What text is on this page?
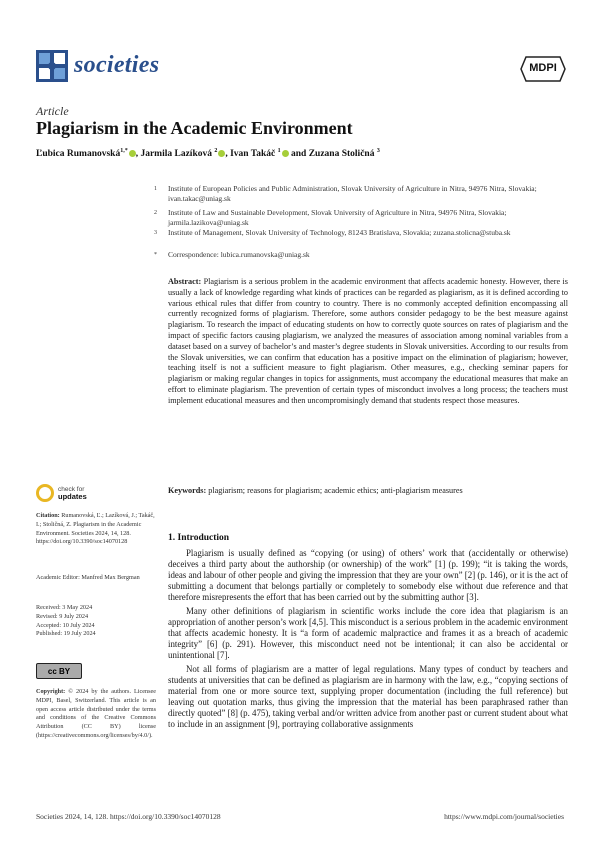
societies	MDPI
Article
Plagiarism in the Academic Environment
Ľubica Rumanovská$^{1,*}$ , Jarmila Lazíková $^2$ , Ivan Takáč $^1$ and Zuzana Stoličná $^3$
1 Institute of European Policies and Public Administration, Slovak University of Agriculture in Nitra, 94976 Nitra, Slovakia; ivan.takac@uniag.sk
2 Institute of Law and Sustainable Development, Slovak University of Agriculture in Nitra, 94976 Nitra, Slovakia; jarmila.lazikova@uniag.sk
3 Institute of Management, Slovak University of Technology, 81243 Bratislava, Slovakia; zuzana.stolicna@stuba.sk
* Correspondence: lubica.rumanovska@uniag.sk
Abstract: Plagiarism is a serious problem in the academic environment that affects academic honesty. However, there is usually a lack of knowledge regarding what kinds of practices can be regarded as plagiarism, as it is defined according to various ethical rules that differ from country to country. There is no commonly accepted definition encompassing all currently recognized forms of plagiarism. Therefore, some authors consider pedagogy to be the best measure against plagiarism. To research the impact of educating students on how to correctly quote sources on rates of plagiarism and the impact of specific factors causing plagiarism, we analyzed the measures of association among nominal variables from a dataset based on a survey of bachelor’s and master’s degree students in Slovak universities. According to our results from the Slovak universities, we can confirm that education has a positive impact on the elimination of plagiarism; however, teaching itself is not a sufficient measure to fight plagiarism. Other measures, e.g., checking seminar papers for plagiarism or making regular changes in topics for assignments, must accompany the educational measures that make an effort to eliminate plagiarism. The prevention of certain types of misconduct involves a long process; the teachers must implement educational measures and then uncompromisingly demand that students respect those measures.
Keywords: plagiarism; reasons for plagiarism; academic ethics; anti-plagiarism measures
check for
updates
Citation: Rumanovská, Ľ.; Lazíková, J.; Takáč, I.; Stoličná, Z. Plagiarism in the Academic Environment. Societies 2024, 14, 128. https://doi.org/10.3390/soc14070128
Academic Editor: Manfred Max Bergman
Received: 3 May 2024
Revised: 9 July 2024
Accepted: 10 July 2024
Published: 19 July 2024
cc BY
Copyright: © 2024 by the authors. Licensee MDPI, Basel, Switzerland. This article is an open access article distributed under the terms and conditions of the Creative Commons Attribution (CC BY) license (https://creativecommons.org/licenses/by/4.0/).
1. Introduction

Plagiarism is usually defined as “copying (or using) of others’ work that (accidentally or otherwise) deceives a third party about the authorship (or ownership) of the work” [1] (p. 199); “it is taking the words, ideas and labour of other people and giving the impression that they are your own” [2] (p. 146), or it is the act of submitting a document that belongs partially or completely to somebody else without due reference and that therefore misrepresents the effort that has been carried out by the submitting author [3].

Many other definitions of plagiarism in scientific works include the core idea that plagiarism is an appropriation of another person’s work [4,5]. This misconduct is a serious problem in the academic environment that affects academic honesty. It is “a form of academic malpractice and frames it as a breach of academic integrity” [6] (p. 291). However, this misconduct need not be intentional; it can also be accidental or unintentional [7].

Not all forms of plagiarism are a matter of legal regulations. Many types of conduct by teachers and students at universities that can be defined as plagiarism are in harmony with the law, e.g., “copying sections of material from one or more source text, supplying proper documentation (including the full reference) but leaving out quotation marks, thus giving the impression that the material has been paraphrased rather than directly quoted” [8] (p. 475), taking verbal and/or written advice from another past or current student about what to include in an assignment [9], portraying collaborative assignments

Societies 2024, 14, 128. https://doi.org/10.3390/soc14070128	https://www.mdpi.com/journal/societies
